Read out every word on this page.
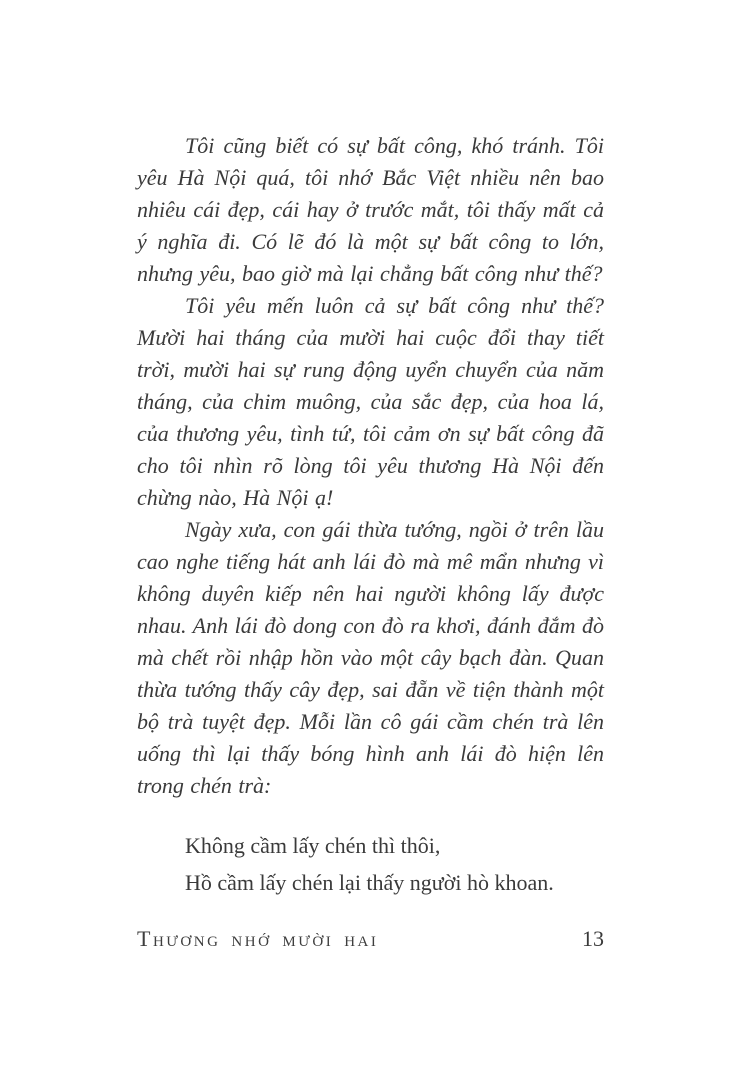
Tôi cũng biết có sự bất công, khó tránh. Tôi yêu Hà Nội quá, tôi nhớ Bắc Việt nhiều nên bao nhiêu cái đẹp, cái hay ở trước mắt, tôi thấy mất cả ý nghĩa đi. Có lẽ đó là một sự bất công to lớn, nhưng yêu, bao giờ mà lại chẳng bất công như thế?

Tôi yêu mến luôn cả sự bất công như thế? Mười hai tháng của mười hai cuộc đổi thay tiết trời, mười hai sự rung động uyển chuyển của năm tháng, của chim muông, của sắc đẹp, của hoa lá, của thương yêu, tình tứ, tôi cảm ơn sự bất công đã cho tôi nhìn rõ lòng tôi yêu thương Hà Nội đến chừng nào, Hà Nội ạ!

Ngày xưa, con gái thừa tướng, ngồi ở trên lầu cao nghe tiếng hát anh lái đò mà mê mẩn nhưng vì không duyên kiếp nên hai người không lấy được nhau. Anh lái đò dong con đò ra khơi, đánh đắm đò mà chết rồi nhập hồn vào một cây bạch đàn. Quan thừa tướng thấy cây đẹp, sai đẵn về tiện thành một bộ trà tuyệt đẹp. Mỗi lần cô gái cầm chén trà lên uống thì lại thấy bóng hình anh lái đò hiện lên trong chén trà:

Không cầm lấy chén thì thôi,
Hồ cầm lấy chén lại thấy người hò khoan.
Thương nhớ mười hai	13
